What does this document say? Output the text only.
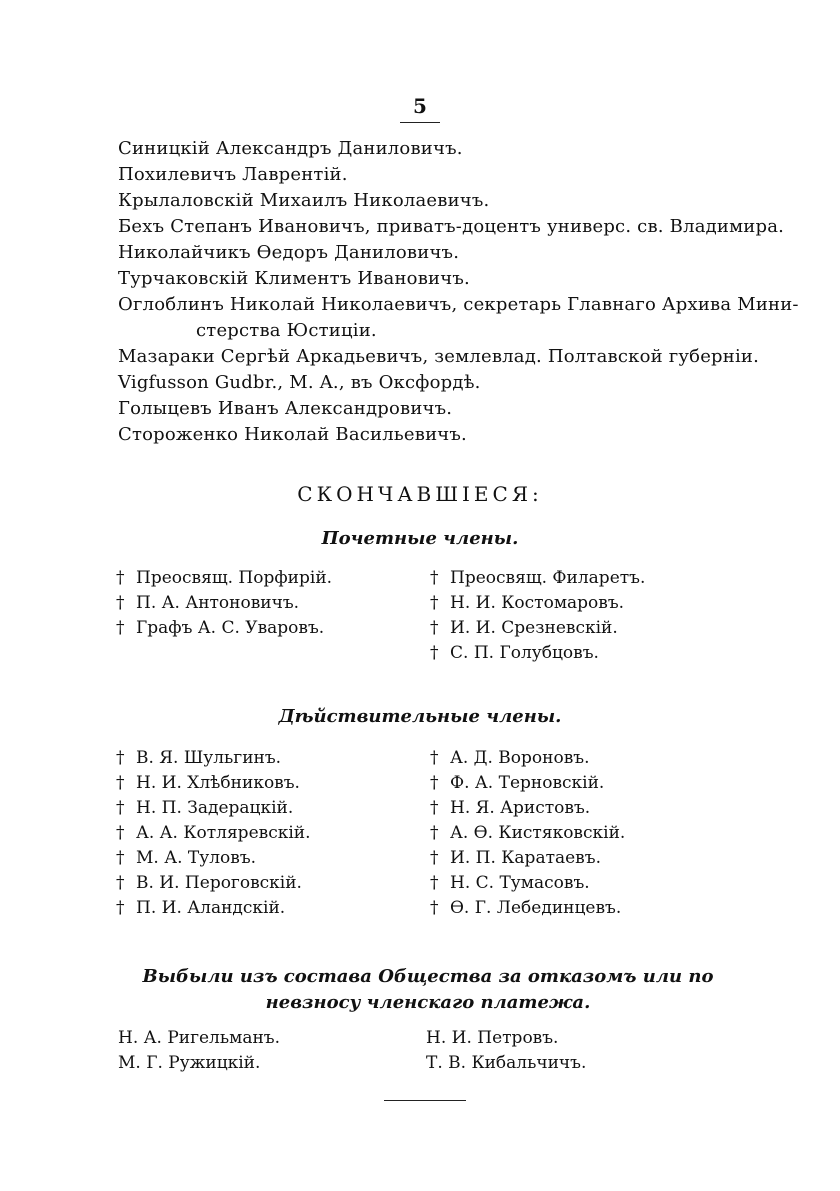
5
Синицкій Александръ Даниловичъ.
Похилевичъ Лаврентій.
Крылаловскій Михаилъ Николаевичъ.
Бехъ Степанъ Ивановичъ, приватъ-доцентъ универс. св. Владимира.
Николайчикъ Өедоръ Даниловичъ.
Турчаковскій Климентъ Ивановичъ.
Оглоблинъ Николай Николаевичъ, секретарь Главнаго Архива Мини-
стерства Юстиціи.
Мазараки Сергѣй Аркадьевичъ, землевлад. Полтавской губерніи.
Vigfusson Gudbr., M. A., въ Оксфордѣ.
Голыцевъ Иванъ Александровичъ.
Стороженко Николай Васильевичъ.
СКОНЧАВШІЕСЯ:
Почетные члены.
† Преосвящ. Порфирій.
† П. А. Антоновичъ.
† Графъ А. С. Уваровъ.
† Преосвящ. Филаретъ.
† Н. И. Костомаровъ.
† И. И. Срезневскій.
† С. П. Голубцовъ.
Дѣйствительные члены.
† В. Я. Шульгинъ.
† Н. И. Хлѣбниковъ.
† Н. П. Задерацкій.
† А. А. Котляревскій.
† М. А. Туловъ.
† В. И. Пероговскій.
† П. И. Аландскій.
† А. Д. Вороновъ.
† Ф. А. Терновскій.
† Н. Я. Аристовъ.
† А. Ө. Кистяковскій.
† И. П. Каратаевъ.
† Н. С. Тумасовъ.
† Ө. Г. Лебединцевъ.
Выбыли изъ состава Общества за отказомъ или по невзносу членскаго платежа.
Н. А. Ригельманъ.
М. Г. Ружицкій.
Н. И. Петровъ.
Т. В. Кибальчичъ.
